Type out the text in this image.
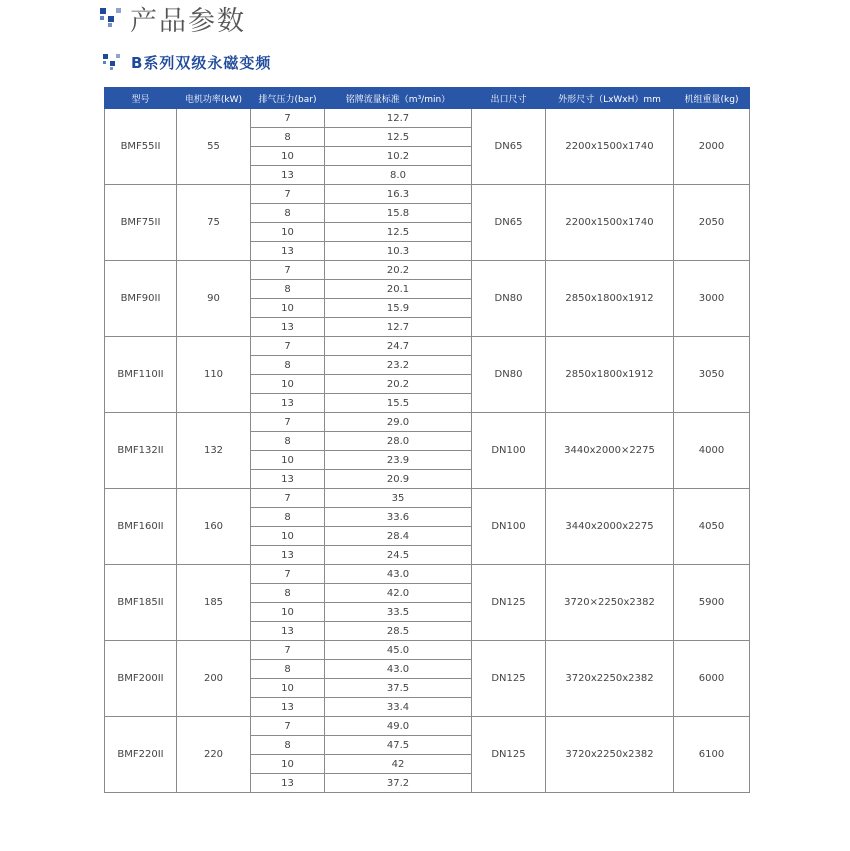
产品参数
B系列双级永磁变频
型号	电机功率(kW)	排气压力(bar)	铭牌流量标准（m³/min）	出口尺寸	外形尺寸（LxWxH）mm	机组重量(kg)
BMF55II	55	7	12.7	DN65	2200x1500x1740	2000
		8	12.5			
		10	10.2			
		13	8.0			
BMF75II	75	7	16.3	DN65	2200x1500x1740	2050
		8	15.8			
		10	12.5			
		13	10.3			
BMF90II	90	7	20.2	DN80	2850x1800x1912	3000
		8	20.1			
		10	15.9			
		13	12.7			
BMF110II	110	7	24.7	DN80	2850x1800x1912	3050
		8	23.2			
		10	20.2			
		13	15.5			
BMF132II	132	7	29.0	DN100	3440x2000×2275	4000
		8	28.0			
		10	23.9			
		13	20.9			
BMF160II	160	7	35	DN100	3440x2000x2275	4050
		8	33.6			
		10	28.4			
		13	24.5			
BMF185II	185	7	43.0	DN125	3720×2250x2382	5900
		8	42.0			
		10	33.5			
		13	28.5			
BMF200II	200	7	45.0	DN125	3720x2250x2382	6000
		8	43.0			
		10	37.5			
		13	33.4			
BMF220II	220	7	49.0	DN125	3720x2250x2382	6100
		8	47.5			
		10	42			
		13	37.2			
